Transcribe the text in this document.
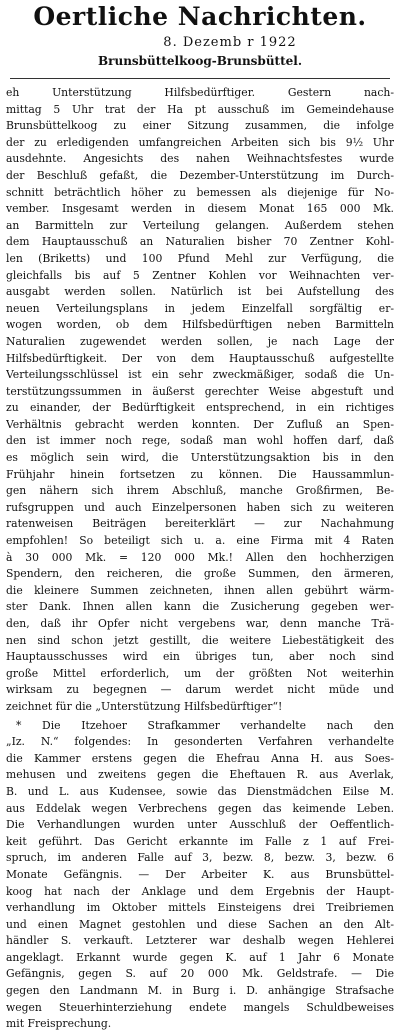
Oertliche Nachrichten.
8. Dezemb r 1922
Brunsbüttelkoog-Brunsbüttel.
eh Unterstützung Hilfsbedürftiger. Gestern nach-
mittag 5 Uhr trat der Ha pt ausschuß im Gemeindehause
Brunsbüttelkoog zu einer Sitzung zusammen, die infolge
der zu erledigenden umfangreichen Arbeiten sich bis 9½ Uhr
ausdehnte. Angesichts des nahen Weihnachtsfestes wurde
der Beschluß gefaßt, die Dezember-Unterstützung im Durch-
schnitt beträchtlich höher zu bemessen als diejenige für No-
vember. Insgesamt werden in diesem Monat 165 000 Mk.
an Barmitteln zur Verteilung gelangen. Außerdem stehen
dem Hauptausschuß an Naturalien bisher 70 Zentner Kohl-
len (Briketts) und 100 Pfund Mehl zur Verfügung, die
gleichfalls bis auf 5 Zentner Kohlen vor Weihnachten ver-
ausgabt werden sollen. Natürlich ist bei Aufstellung des
neuen Verteilungsplans in jedem Einzelfall sorgfältig er-
wogen worden, ob dem Hilfsbedürftigen neben Barmitteln
Naturalien zugewendet werden sollen, je nach Lage der
Hilfsbedürftigkeit. Der von dem Hauptausschuß aufgestellte
Verteilungsschlüssel ist ein sehr zweckmäßiger, sodaß die Un-
terstützungssummen in äußerst gerechter Weise abgestuft und
zu einander, der Bedürftigkeit entsprechend, in ein richtiges
Verhältnis gebracht werden konnten. Der Zufluß an Spen-
den ist immer noch rege, sodaß man wohl hoffen darf, daß
es möglich sein wird, die Unterstützungsaktion bis in den
Frühjahr hinein fortsetzen zu können. Die Haussammlun-
gen nähern sich ihrem Abschluß, manche Großfirmen, Be-
rufsgruppen und auch Einzelpersonen haben sich zu weiteren
ratenweisen Beiträgen bereiterklärt — zur Nachahmung
empfohlen! So beteiligt sich u. a. eine Firma mit 4 Raten
à 30 000 Mk. = 120 000 Mk.! Allen den hochherzigen
Spendern, den reicheren, die große Summen, den ärmeren,
die kleinere Summen zeichneten, ihnen allen gebührt wärm-
ster Dank. Ihnen allen kann die Zusicherung gegeben wer-
den, daß ihr Opfer nicht vergebens war, denn manche Trä-
nen sind schon jetzt gestillt, die weitere Liebestätigkeit des
Hauptausschusses wird ein übriges tun, aber noch sind
große Mittel erforderlich, um der größten Not weiterhin
wirksam zu begegnen — darum werdet nicht müde und
zeichnet für die „Unterstützung Hilfsbedürftiger“!
* Die Itzehoer Strafkammer verhandelte nach den
„Iz. N.“ folgendes: In gesonderten Verfahren verhandelte
die Kammer erstens gegen die Ehefrau Anna H. aus Soes-
mehusen und zweitens gegen die Eheftauen R. aus Averlak,
B. und L. aus Kudensee, sowie das Dienstmädchen Eilse M.
aus Eddelak wegen Verbrechens gegen das keimende Leben.
Die Verhandlungen wurden unter Ausschluß der Oeffentlich-
keit geführt. Das Gericht erkannte im Falle z 1 auf Frei-
spruch, im anderen Falle auf 3, bezw. 8, bezw. 3, bezw. 6
Monate Gefängnis. — Der Arbeiter K. aus Brunsbüttel-
koog hat nach der Anklage und dem Ergebnis der Haupt-
verhandlung im Oktober mittels Einsteigens drei Treibriemen
und einen Magnet gestohlen und diese Sachen an den Alt-
händler S. verkauft. Letzterer war deshalb wegen Hehlerei
angeklagt. Erkannt wurde gegen K. auf 1 Jahr 6 Monate
Gefängnis, gegen S. auf 20 000 Mk. Geldstrafe. — Die
gegen den Landmann M. in Burg i. D. anhängige Strafsache
wegen Steuerhinterziehung endete mangels Schuldbeweises
mit Freisprechung.
